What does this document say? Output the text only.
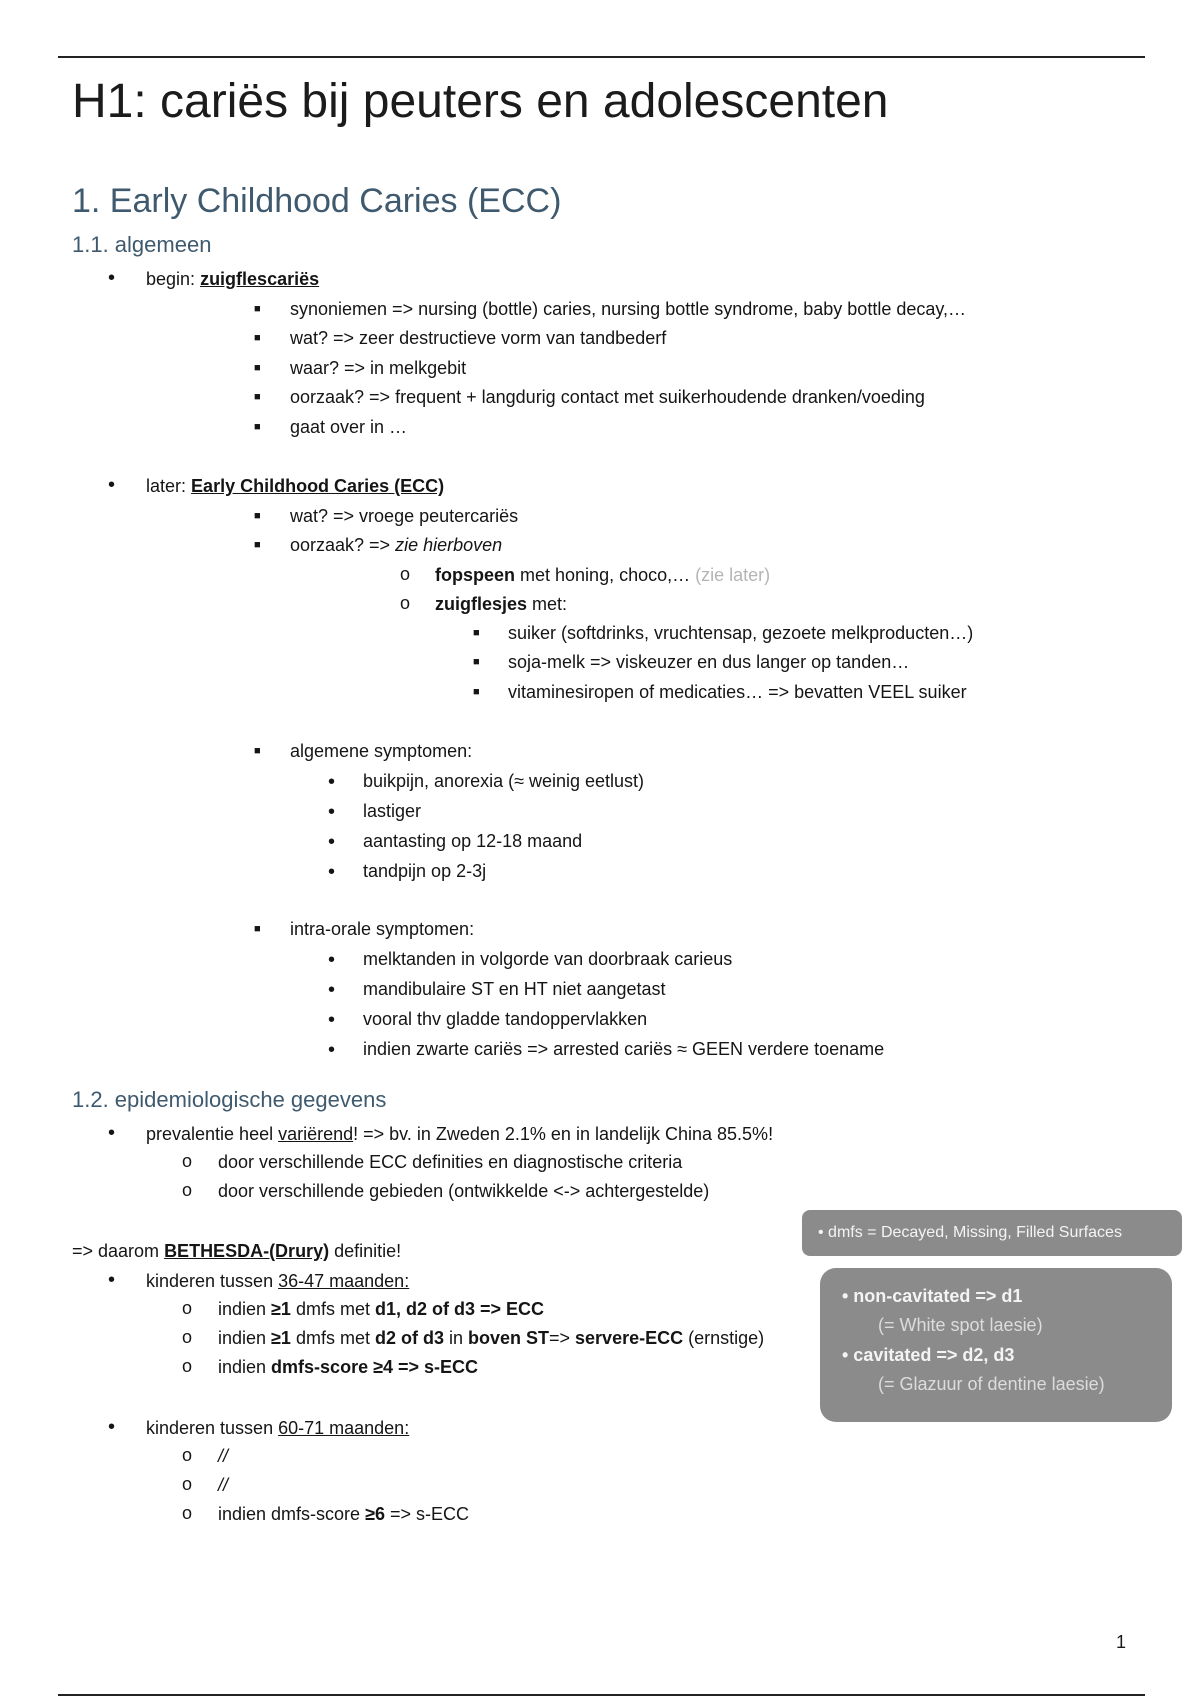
H1: cariës bij peuters en adolescenten
1. Early Childhood Caries (ECC)
1.1. algemeen
• begin: zuigflescariës
■ synoniemen => nursing (bottle) caries, nursing bottle syndrome, baby bottle decay,…
■ wat? => zeer destructieve vorm van tandbederf
■ waar? => in melkgebit
■ oorzaak? => frequent + langdurig contact met suikerhoudende dranken/voeding
■ gaat over in …
• later: Early Childhood Caries (ECC)
■ wat? => vroege peutercariës
■ oorzaak? => zie hierboven
o fopspeen met honing, choco,… (zie later)
o zuigflesjes met:
■ suiker (softdrinks, vruchtensap, gezoete melkproducten…)
■ soja-melk => viskeuzer en dus langer op tanden…
■ vitaminesiropen of medicaties… => bevatten VEEL suiker
■ algemene symptomen:
• buikpijn, anorexia (≈ weinig eetlust)
• lastiger
• aantasting op 12-18 maand
• tandpijn op 2-3j
■ intra-orale symptomen:
• melktanden in volgorde van doorbraak carieus
• mandibulaire ST en HT niet aangetast
• vooral thv gladde tandoppervlakken
• indien zwarte cariës => arrested cariës ≈ GEEN verdere toename
1.2. epidemiologische gegevens
• prevalentie heel variërend! => bv. in Zweden 2.1% en in landelijk China 85.5%!
o door verschillende ECC definities en diagnostische criteria
o door verschillende gebieden (ontwikkelde <-> achtergestelde)
=> daarom BETHESDA-(Drury) definitie!
• kinderen tussen 36-47 maanden:
o indien ≥1 dmfs met d1, d2 of d3 => ECC
o indien ≥1 dmfs met d2 of d3 in boven ST=> servere-ECC (ernstige)
o indien dmfs-score ≥4 => s-ECC
• kinderen tussen 60-71 maanden:
o //
o //
o indien dmfs-score ≥6 => s-ECC
• dmfs = Decayed, Missing, Filled Surfaces
• non-cavitated => d1
(= White spot laesie)
• cavitated => d2, d3
(= Glazuur of dentine laesie)
1
